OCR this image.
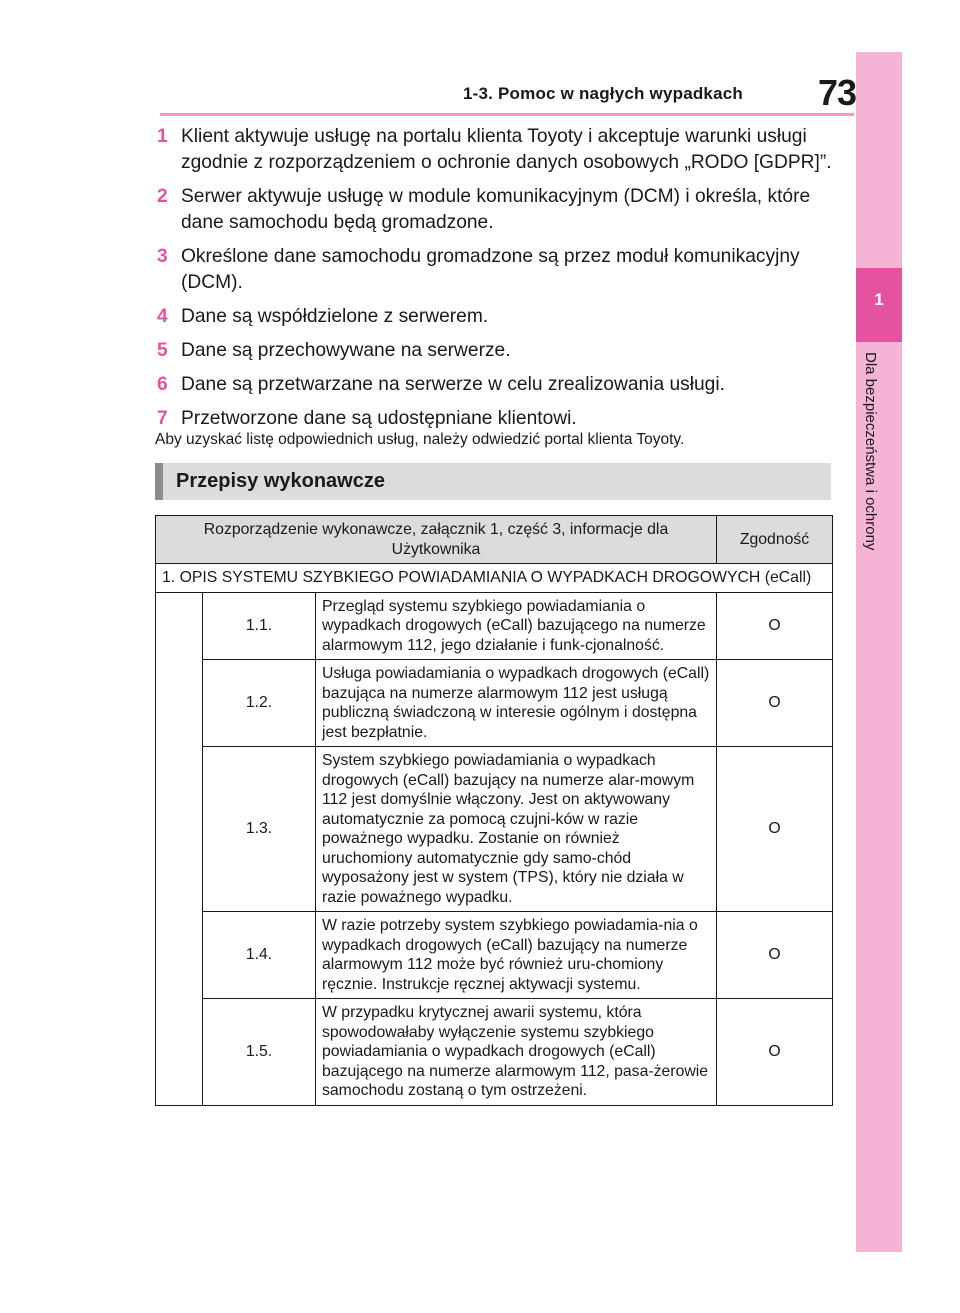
1
Dla bezpieczeństwa i ochrony
1-3. Pomoc w nagłych wypadkach 73
1 Klient aktywuje usługę na portalu klienta Toyoty i akceptuje warunki usługi zgodnie z rozporządzeniem o ochronie danych osobowych „RODO [GDPR]”.
2 Serwer aktywuje usługę w module komunikacyjnym (DCM) i określa, które dane samochodu będą gromadzone.
3 Określone dane samochodu gromadzone są przez moduł komunikacyjny (DCM).
4 Dane są współdzielone z serwerem.
5 Dane są przechowywane na serwerze.
6 Dane są przetwarzane na serwerze w celu zrealizowania usługi.
7 Przetworzone dane są udostępniane klientowi.
Aby uzyskać listę odpowiednich usług, należy odwiedzić portal klienta Toyoty.
Przepisy wykonawcze
Rozporządzenie wykonawcze, załącznik 1, część 3, informacje dla Użytkownika			Zgodność
1. OPIS SYSTEMU SZYBKIEGO POWIADAMIANIA O WYPADKACH DROGOWYCH (eCall)			
	1.1.	Przegląd systemu szybkiego powiadamiania o wypadkach drogowych (eCall) bazującego na numerze alarmowym 112, jego działanie i funk-cjonalność.	O
	1.2.	Usługa powiadamiania o wypadkach drogowych (eCall) bazująca na numerze alarmowym 112 jest usługą publiczną świadczoną w interesie ogólnym i dostępna jest bezpłatnie.	O
	1.3.	System szybkiego powiadamiania o wypadkach drogowych (eCall) bazujący na numerze alar-mowym 112 jest domyślnie włączony. Jest on aktywowany automatycznie za pomocą czujni-ków w razie poważnego wypadku. Zostanie on również uruchomiony automatycznie gdy samo-chód wyposażony jest w system (TPS), który nie działa w razie poważnego wypadku.	O
	1.4.	W razie potrzeby system szybkiego powiadamia-nia o wypadkach drogowych (eCall) bazujący na numerze alarmowym 112 może być również uru-chomiony ręcznie. Instrukcje ręcznej aktywacji systemu.	O
	1.5.	W przypadku krytycznej awarii systemu, która spowodowałaby wyłączenie systemu szybkiego powiadamiania o wypadkach drogowych (eCall) bazującego na numerze alarmowym 112, pasa-żerowie samochodu zostaną o tym ostrzeżeni.	O
